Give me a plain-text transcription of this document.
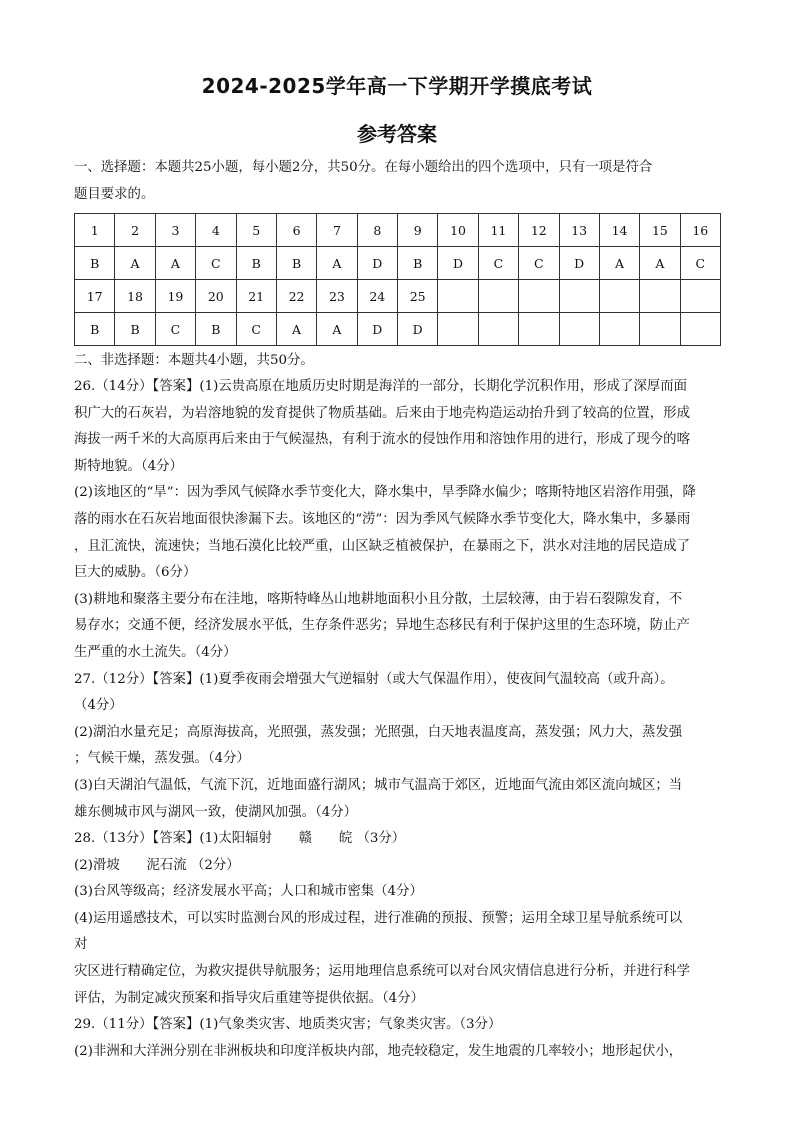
2024-2025学年高一下学期开学摸底考试
参考答案
一、选择题：本题共25小题，每小题2分，共50分。在每小题给出的四个选项中，只有一项是符合
题目要求的。
1	2	3	4	5	6	7	8	9	10	11	12	13	14	15	16
B	A	A	C	B	B	A	D	B	D	C	C	D	A	A	C
17	18	19	20	21	22	23	24	25							
B	B	C	B	C	A	A	D	D							
二、非选择题：本题共4小题，共50分。
26.（14分）【答案】(1)云贵高原在地质历史时期是海洋的一部分，长期化学沉积作用，形成了深厚而面
积广大的石灰岩，为岩溶地貌的发育提供了物质基础。后来由于地壳构造运动抬升到了较高的位置，形成
海拔一两千米的大高原再后来由于气候湿热，有利于流水的侵蚀作用和溶蚀作用的进行，形成了现今的喀
斯特地貌。（4分）
(2)该地区的“旱”：因为季风气候降水季节变化大，降水集中，旱季降水偏少；喀斯特地区岩溶作用强，降
落的雨水在石灰岩地面很快渗漏下去。该地区的“涝”：因为季风气候降水季节变化大，降水集中，多暴雨
，且汇流快，流速快；当地石漠化比较严重，山区缺乏植被保护，在暴雨之下，洪水对洼地的居民造成了
巨大的威胁。（6分）
(3)耕地和聚落主要分布在洼地，喀斯特峰丛山地耕地面积小且分散，土层较薄，由于岩石裂隙发育，不
易存水；交通不便，经济发展水平低，生存条件恶劣；异地生态移民有利于保护这里的生态环境，防止产
生严重的水土流失。（4分）
27.（12分）【答案】(1)夏季夜雨会增强大气逆辐射（或大气保温作用），使夜间气温较高（或升高）。
（4分）
(2)湖泊水量充足；高原海拔高，光照强，蒸发强；光照强，白天地表温度高，蒸发强；风力大，蒸发强
；气候干燥，蒸发强。（4分）
(3)白天湖泊气温低，气流下沉，近地面盛行湖风；城市气温高于郊区，近地面气流由郊区流向城区；当
雄东侧城市风与湖风一致，使湖风加强。（4分）
28.（13分）【答案】(1)太阳辐射　　赣　　皖 （3分）
(2)滑坡　　泥石流 （2分）
(3)台风等级高；经济发展水平高；人口和城市密集（4分）
(4)运用遥感技术，可以实时监测台风的形成过程，进行准确的预报、预警；运用全球卫星导航系统可以
对
灾区进行精确定位，为救灾提供导航服务；运用地理信息系统可以对台风灾情信息进行分析，并进行科学
评估，为制定减灾预案和指导灾后重建等提供依据。（4分）
29.（11分）【答案】(1)气象类灾害、地质类灾害；气象类灾害。（3分）
(2)非洲和大洋洲分别在非洲板块和印度洋板块内部，地壳较稳定，发生地震的几率较小；地形起伏小，
